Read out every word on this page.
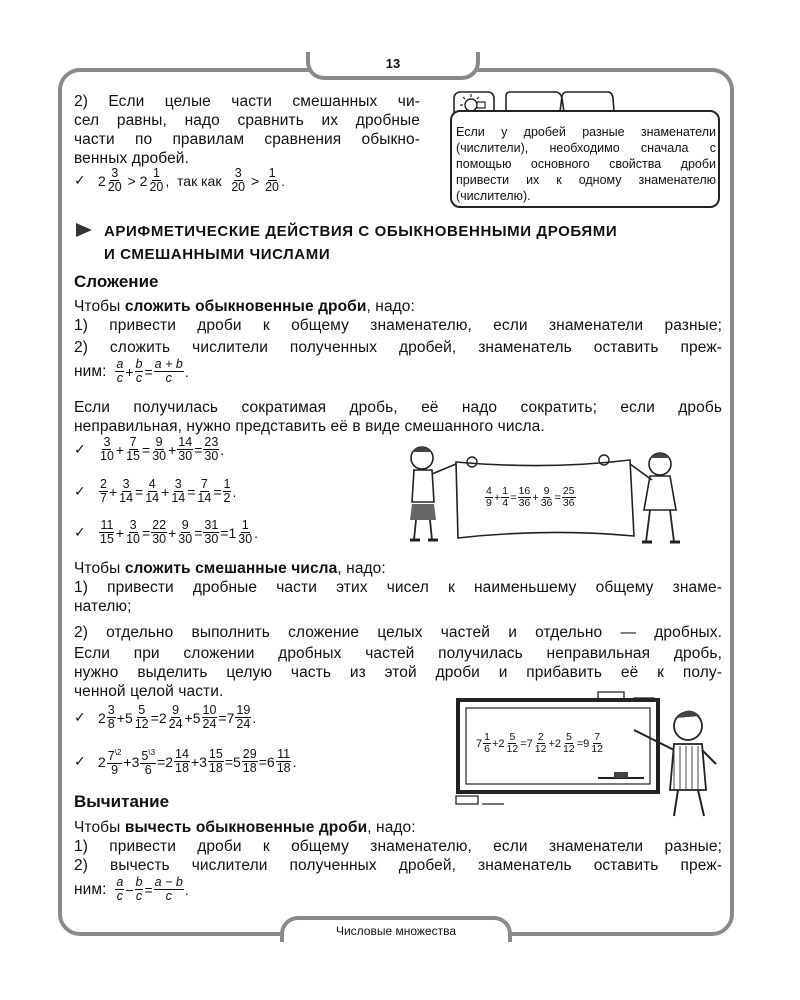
13
Числовые множества
2) Если целые части смешанных чи-
сел равны, надо сравнить их дробные
части по правилам сравнения обыкно-
венных дробей.
✓ 2 3
20 > 2 1
20 , так как
3
20 > 1
20 .
Если у дробей разные знаменатели (числители), необходимо сначала с помощью основного свойства дроби привести их к одному знаменателю (числителю).
АРИФМЕТИЧЕСКИЕ ДЕЙСТВИЯ С ОБЫКНОВЕННЫМИ ДРОБЯМИ
И СМЕШАННЫМИ ЧИСЛАМИ
Сложение
Чтобы сложить обыкновенные дроби, надо:
1) привести дроби к общему знаменателю, если знаменатели разные;
2) сложить числители полученных дробей, знаменатель оставить преж-
ним:
a
$c + \frac{b}{c} = \frac{a + b}{c}$ .
Если получилась сократимая дробь, её надо сократить; если дробь
неправильная, нужно представить её в виде смешанного числа.
✓	3
$10 + \frac{7}{15} = \frac{9}{30} + \frac{14}{30} = \frac{23}{30}$ .
✓	2
$7 + \frac{3}{14} = \frac{4}{14} + \frac{3}{14} = \frac{7}{14} = \frac{1}{2}$ .
✓	11
$15 + \frac{3}{10} = \frac{22}{30} + \frac{9}{30} = \frac{31}{30} = 1$ 1
30 .
4
$9 + \frac{1}{4} = \frac{16}{36} + \frac{9}{36} = \frac{25}{36}$
Чтобы сложить смешанные числа, надо:
1) привести дробные части этих чисел к наименьшему общему знаме-
нателю;
2) отдельно выполнить сложение целых частей и отдельно — дробных.
Если при сложении дробных частей получилась неправильная дробь,
нужно выделить целую часть из этой дроби и прибавить её к полу-
ченной целой части.
✓ 2 3
$8 + 5 \frac{5}{12} = 2$ 9
$24 + 5 \frac{10}{24} = 7$ 19
24 .
✓ 2 $7^{\backslash 2}$
9
+ $3 \frac{5^{\backslash 3}}{6} = 2$ 14
$18 + 3 \frac{15}{18} = 5 \frac{29}{18} = 6$ 11
18 .
7
1
$6 + 2 \frac{5}{12} = 7$
2
$12 + 2 \frac{5}{12} = 9$
7
12
Вычитание
Чтобы вычесть обыкновенные дроби, надо:
1) привести дроби к общему знаменателю, если знаменатели разные;
2) вычесть числители полученных дробей, знаменатель оставить преж-
ним:
a
$c - \frac{b}{c} = \frac{a - b}{c}$ .
